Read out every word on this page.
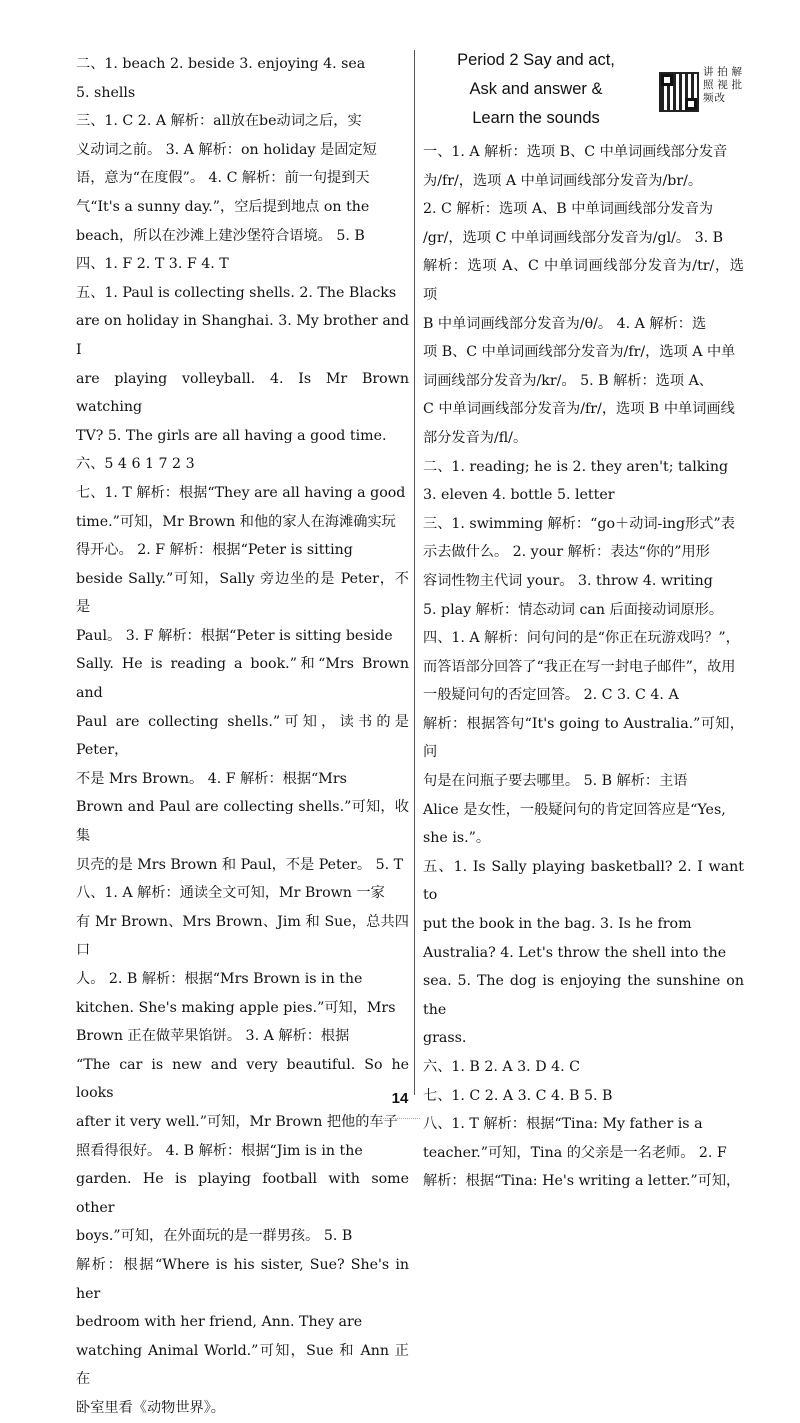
二、1. beach 2. beside 3. enjoying 4. sea

5. shells

三、1. C 2. A 解析：all放在be动词之后，实

义动词之前。 3. A 解析：on holiday 是固定短

语，意为“在度假”。 4. C 解析：前一句提到天

气“It's a sunny day.”，空后提到地点 on the

beach，所以在沙滩上建沙堡符合语境。 5. B

四、1. F 2. T 3. F 4. T

五、1. Paul is collecting shells. 2. The Blacks

are on holiday in Shanghai. 3. My brother and I

are playing volleyball. 4. Is Mr Brown watching

TV? 5. The girls are all having a good time.

六、5 4 6 1 7 2 3

七、1. T 解析：根据“They are all having a good

time.”可知，Mr Brown 和他的家人在海滩确实玩

得开心。 2. F 解析：根据“Peter is sitting

beside Sally.”可知，Sally 旁边坐的是 Peter，不是

Paul。 3. F 解析：根据“Peter is sitting beside

Sally. He is reading a book.”和“Mrs Brown and

Paul are collecting shells.”可知，读书的是 Peter，

不是 Mrs Brown。 4. F 解析：根据“Mrs

Brown and Paul are collecting shells.”可知，收集

贝壳的是 Mrs Brown 和 Paul，不是 Peter。 5. T

八、1. A 解析：通读全文可知，Mr Brown 一家

有 Mr Brown、Mrs Brown、Jim 和 Sue，总共四口

人。 2. B 解析：根据“Mrs Brown is in the

kitchen. She's making apple pies.”可知，Mrs

Brown 正在做苹果馅饼。 3. A 解析：根据

“The car is new and very beautiful. So he looks

after it very well.”可知，Mr Brown 把他的车子

照看得很好。 4. B 解析：根据“Jim is in the

garden. He is playing football with some other

boys.”可知，在外面玩的是一群男孩。 5. B

解析：根据“Where is his sister, Sue? She's in her

bedroom with her friend, Ann. They are

watching Animal World.”可知，Sue 和 Ann 正在

卧室里看《动物世界》。

Period 2 Say and act,
Ask and answer &
Learn the sounds
讲拍解照视批频改

一、1. A 解析：选项 B、C 中单词画线部分发音

为/fr/，选项 A 中单词画线部分发音为/br/。

2. C 解析：选项 A、B 中单词画线部分发音为

/gr/，选项 C 中单词画线部分发音为/gl/。 3. B

解析：选项 A、C 中单词画线部分发音为/tr/，选项

B 中单词画线部分发音为/θ/。 4. A 解析：选

项 B、C 中单词画线部分发音为/fr/，选项 A 中单

词画线部分发音为/kr/。 5. B 解析：选项 A、

C 中单词画线部分发音为/fr/，选项 B 中单词画线

部分发音为/fl/。

二、1. reading; he is 2. they aren't; talking

3. eleven 4. bottle 5. letter

三、1. swimming 解析：“go＋动词-ing形式”表

示去做什么。 2. your 解析：表达“你的”用形

容词性物主代词 your。 3. throw 4. writing

5. play 解析：情态动词 can 后面接动词原形。

四、1. A 解析：问句问的是“你正在玩游戏吗？”，

而答语部分回答了“我正在写一封电子邮件”，故用

一般疑问句的否定回答。 2. C 3. C 4. A

解析：根据答句“It's going to Australia.”可知，问

句是在问瓶子要去哪里。 5. B 解析：主语

Alice 是女性，一般疑问句的肯定回答应是“Yes,

she is.”。

五、1. Is Sally playing basketball? 2. I want to

put the book in the bag. 3. Is he from

Australia? 4. Let's throw the shell into the

sea. 5. The dog is enjoying the sunshine on the

grass.

六、1. B 2. A 3. D 4. C

七、1. C 2. A 3. C 4. B 5. B

八、1. T 解析：根据“Tina: My father is a

teacher.”可知，Tina 的父亲是一名老师。 2. F

解析：根据“Tina: He's writing a letter.”可知，

14
